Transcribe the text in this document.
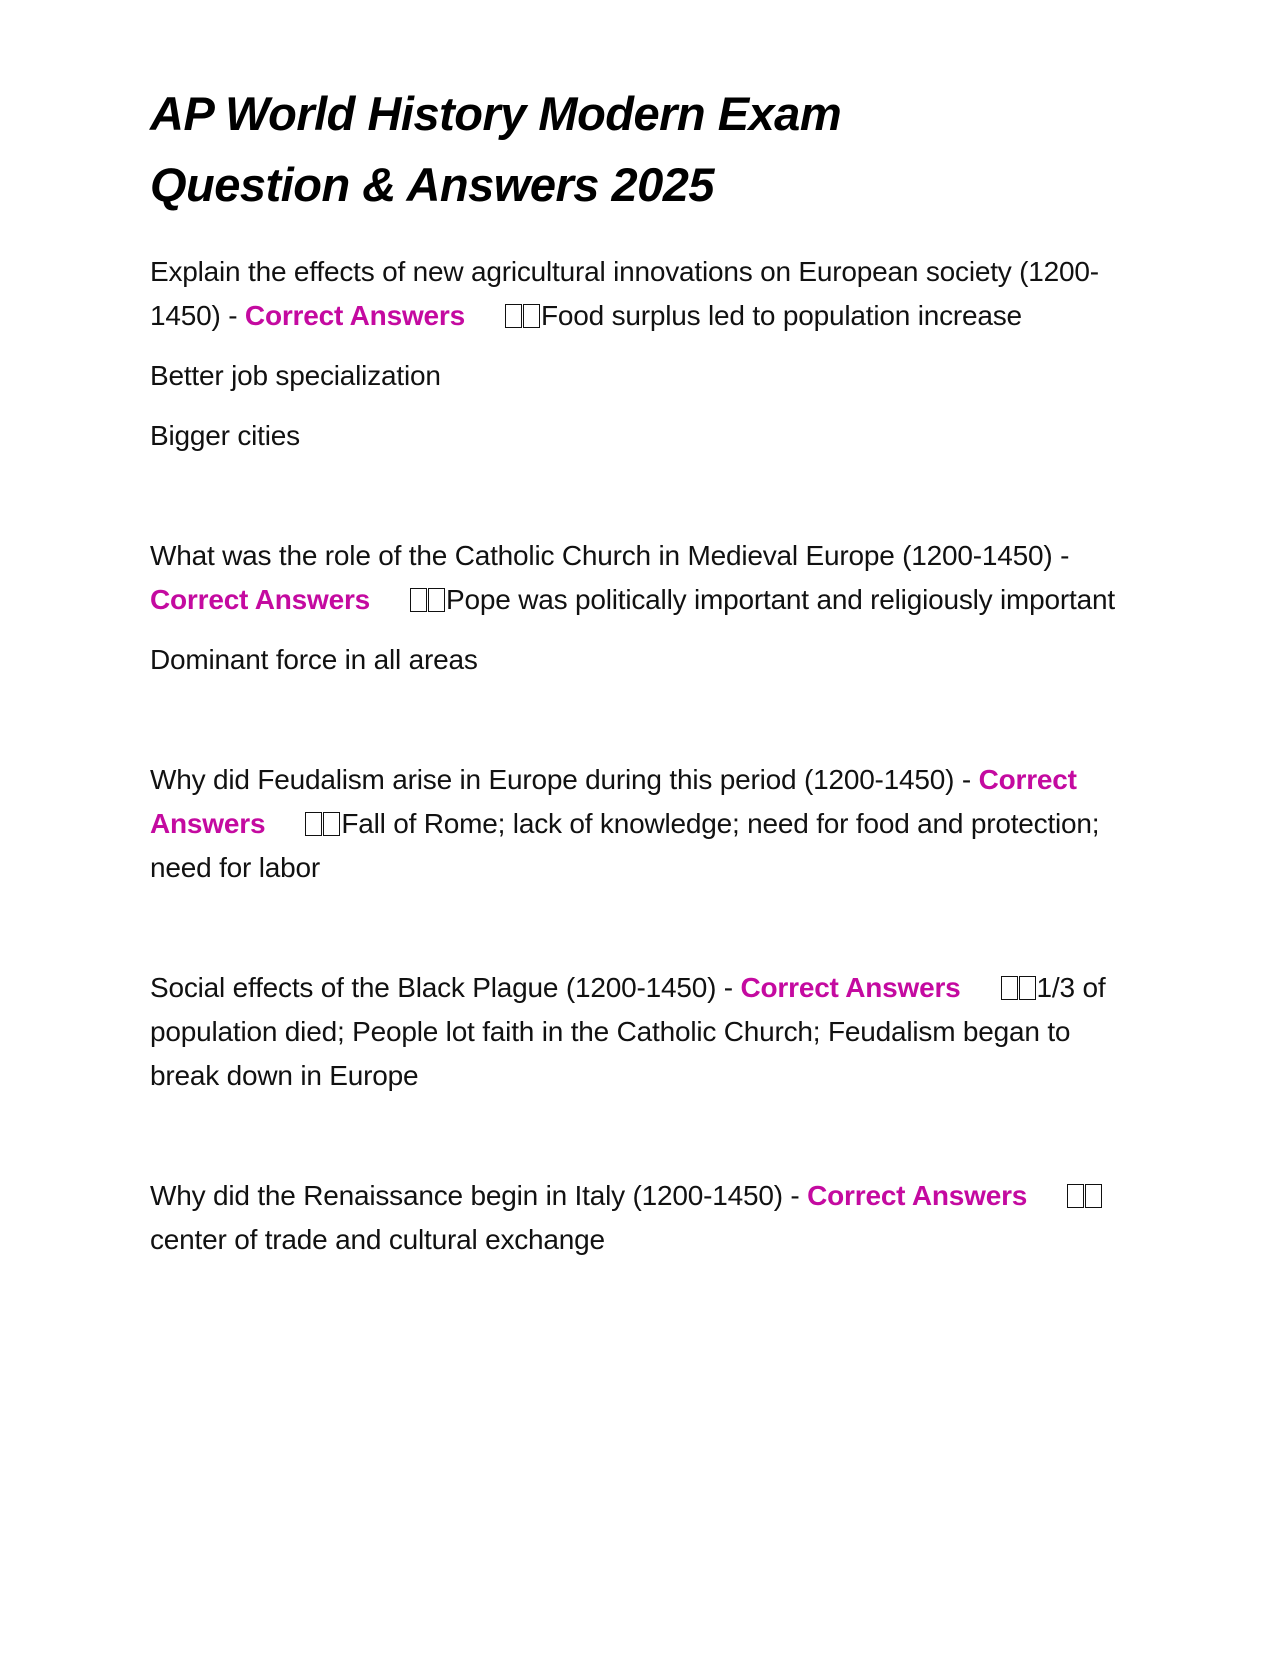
AP World History Modern Exam
Question & Answers 2025

Explain the effects of new agricultural innovations on European society (1200-1450) - Correct Answers	Food surplus led to population increase

Better job specialization

Bigger cities

What was the role of the Catholic Church in Medieval Europe (1200-1450) - Correct Answers	Pope was politically important and religiously important

Dominant force in all areas

Why did Feudalism arise in Europe during this period (1200-1450) - Correct Answers	Fall of Rome; lack of knowledge; need for food and protection; need for labor

Social effects of the Black Plague (1200-1450) - Correct Answers	1/3 of population died; People lot faith in the Catholic Church; Feudalism began to break down in Europe

Why did the Renaissance begin in Italy (1200-1450) - Correct Answerscenter of trade and cultural exchange
